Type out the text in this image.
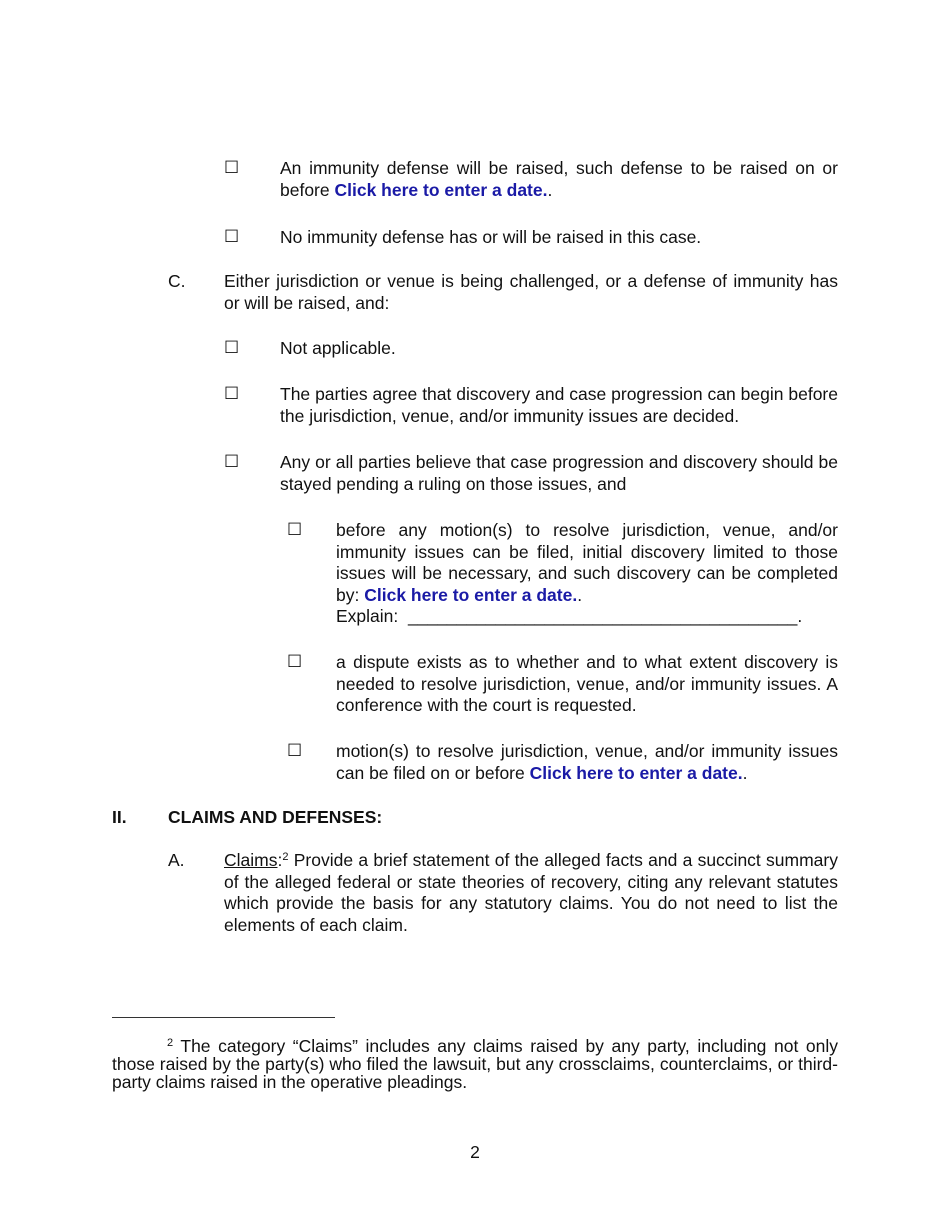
☐ An immunity defense will be raised, such defense to be raised on or before Click here to enter a date..
☐ No immunity defense has or will be raised in this case.
C. Either jurisdiction or venue is being challenged, or a defense of immunity has or will be raised, and:
☐ Not applicable.
☐ The parties agree that discovery and case progression can begin before the jurisdiction, venue, and/or immunity issues are decided.
☐ Any or all parties believe that case progression and discovery should be stayed pending a ruling on those issues, and
☐ before any motion(s) to resolve jurisdiction, venue, and/or immunity issues can be filed, initial discovery limited to those issues will be necessary, and such discovery can be completed by: Click here to enter a date..
Explain: ________________________________________.
☐ a dispute exists as to whether and to what extent discovery is needed to resolve jurisdiction, venue, and/or immunity issues. A conference with the court is requested.
☐ motion(s) to resolve jurisdiction, venue, and/or immunity issues can be filed on or before Click here to enter a date..
II. CLAIMS AND DEFENSES:
A. Claims:$^2$ Provide a brief statement of the alleged facts and a succinct summary of the alleged federal or state theories of recovery, citing any relevant statutes which provide the basis for any statutory claims. You do not need to list the elements of each claim.
$^2$ The category “Claims” includes any claims raised by any party, including not only those raised by the party(s) who filed the lawsuit, but any crossclaims, counterclaims, or third-party claims raised in the operative pleadings.
2
